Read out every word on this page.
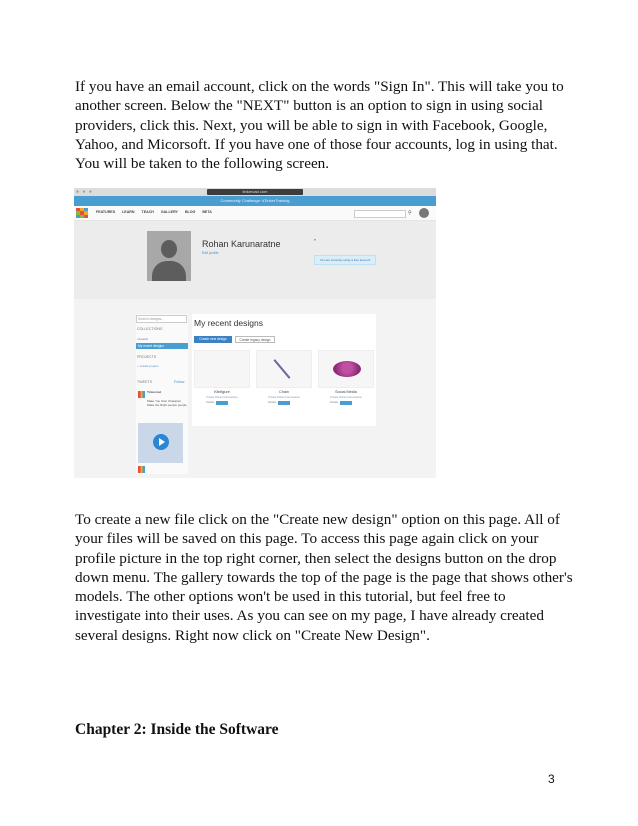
If you have an email account, click on the words "Sign In". This will take you to another screen. Below the "NEXT" button is an option to sign in using social providers, click this. Next, you will be able to sign in with Facebook, Google, Yahoo, and Micorsoft. If you have one of those four accounts, log in using that. You will be taken to the following screen.

● ● ●	tinkercad.com
Community Challenge: #TinkerTraining
FEATURES LEARN TEACH GALLERY BLOG BETA	⚲
Rohan Karunaratne
Edit profile
▾
You are currently using a free account
Search designs...
COLLECTIONS
Likeable
My recent designs
PROJECTS
+ Create project
TWEETS	Follow
Tinkercad
Make You Own Character Make the Right people people
My recent designs
Create new design	Create legacy design
Klinfigure
Private Rohan Karunaratne
Details
Chain
Private Rohan Karunaratne
Details
Social Media
Private Rohan Karunaratne
Details

To create a new file click on the "Create new design" option on this page. All of your files will be saved on this page. To access this page again click on your profile picture in the top right corner, then select the designs button on the drop down menu. The gallery towards the top of the page is the page that shows other's models. The other options won't be used in this tutorial, but feel free to investigate into their uses. As you can see on my page, I have already created several designs. Right now click on "Create New Design".

Chapter 2: Inside the Software

3
